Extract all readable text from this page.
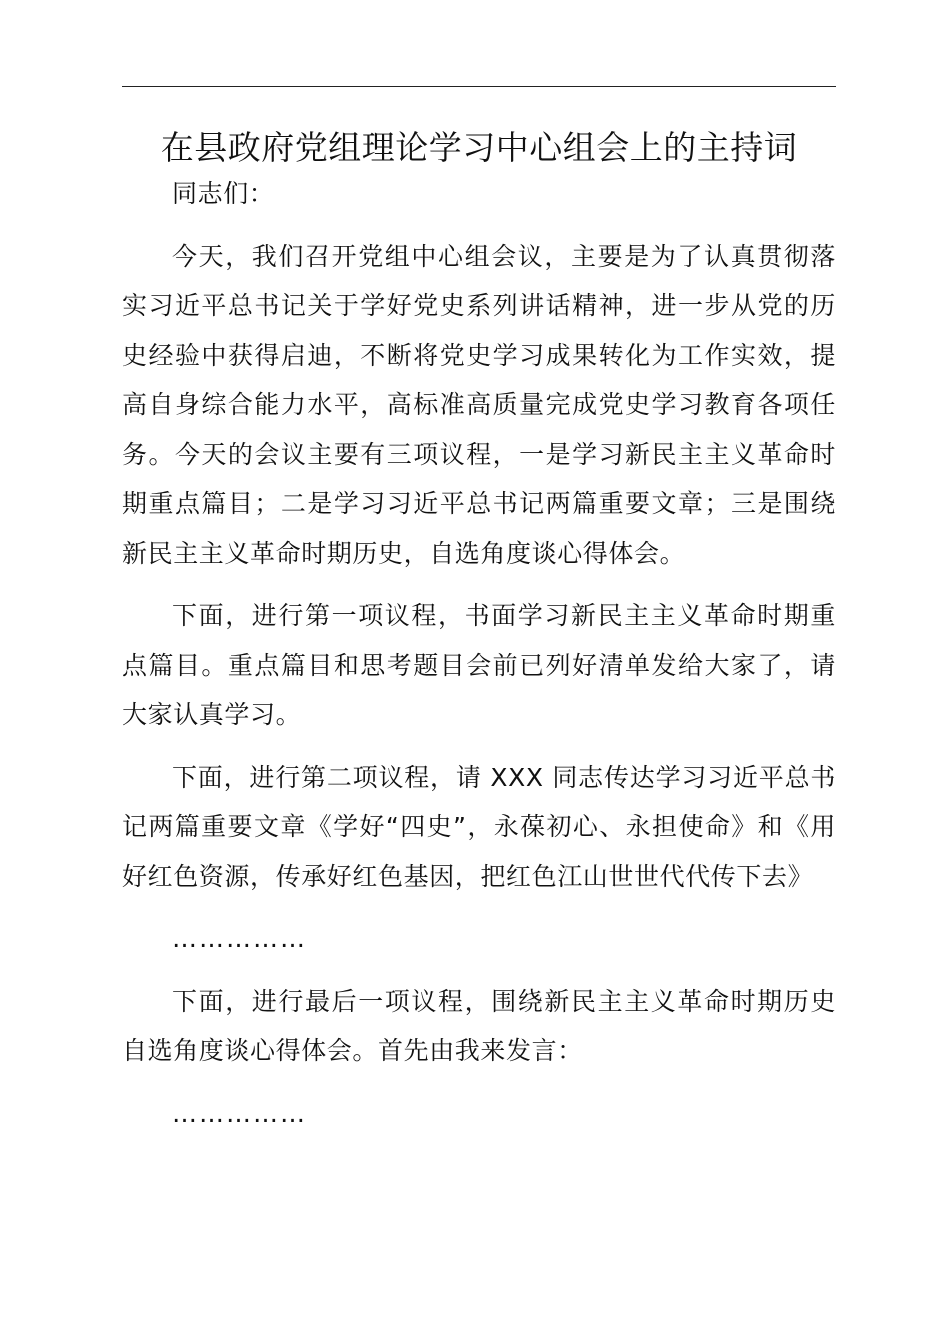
在县政府党组理论学习中心组会上的主持词

同志们：

今天，我们召开党组中心组会议，主要是为了认真贯彻落实习近平总书记关于学好党史系列讲话精神，进一步从党的历史经验中获得启迪，不断将党史学习成果转化为工作实效，提高自身综合能力水平，高标准高质量完成党史学习教育各项任务。今天的会议主要有三项议程，一是学习新民主主义革命时期重点篇目；二是学习习近平总书记两篇重要文章；三是围绕新民主主义革命时期历史，自选角度谈心得体会。

下面，进行第一项议程，书面学习新民主主义革命时期重点篇目。重点篇目和思考题目会前已列好清单发给大家了，请大家认真学习。

下面，进行第二项议程，请 XXX 同志传达学习习近平总书记两篇重要文章《学好“四史”，永葆初心、永担使命》和《用好红色资源，传承好红色基因，把红色江山世世代代传下去》

……………

下面，进行最后一项议程，围绕新民主主义革命时期历史自选角度谈心得体会。首先由我来发言：

……………
